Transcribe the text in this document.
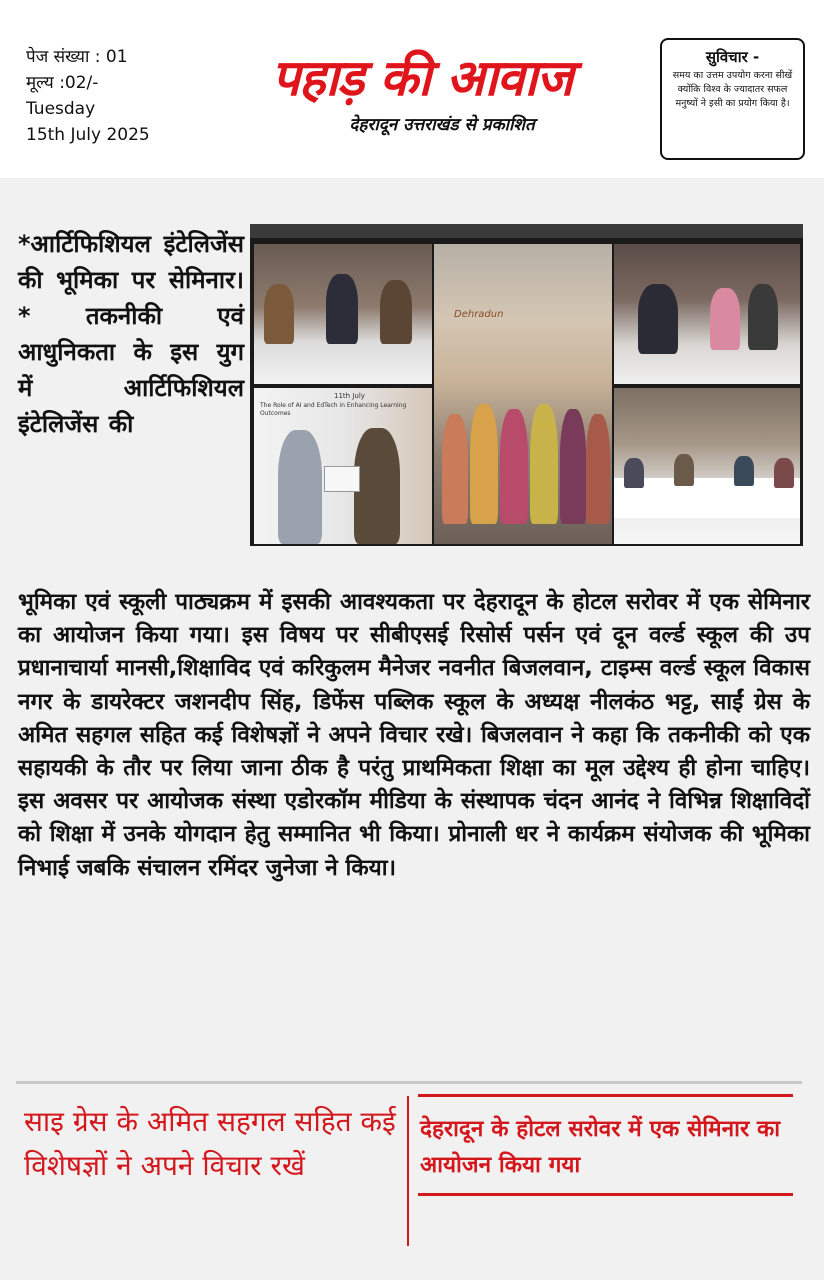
पेज संख्या : 01
मूल्य :02/-
Tuesday
15th July 2025
पहाड़ की आवाज
देहरादून उत्तराखंड से प्रकाशित
सुविचार -
समय का उत्तम उपयोग करना सीखें क्योंकि विश्व के ज्यादातर सफल मनुष्यों ने इसी का प्रयोग किया है।
*आर्टिफिशियल इंटेलिजेंस की भूमिका पर सेमिनार।* तकनीकी एवं आधुनिकता के इस युग में आर्टिफिशियल इंटेलिजेंस की
Dehradun
11th July
The Role of AI and EdTech in Enhancing Learning Outcomes
भूमिका एवं स्कूली पाठ्यक्रम में इसकी आवश्यकता पर देहरादून के होटल सरोवर में एक सेमिनार का आयोजन किया गया। इस विषय पर सीबीएसई रिसोर्स पर्सन एवं दून वर्ल्ड स्कूल की उप प्रधानाचार्या मानसी,शिक्षाविद एवं करिकुलम मैनेजर नवनीत बिजलवान, टाइम्स वर्ल्ड स्कूल विकास नगर के डायरेक्टर जशनदीप सिंह, डिफेंस पब्लिक स्कूल के अध्यक्ष नीलकंठ भट्ट, साईं ग्रेस के अमित सहगल सहित कई विशेषज्ञों ने अपने विचार रखे। बिजलवान ने कहा कि तकनीकी को एक सहायकी के तौर पर लिया जाना ठीक है परंतु प्राथमिकता शिक्षा का मूल उद्देश्य ही होना चाहिए। इस अवसर पर आयोजक संस्था एडोरकॉम मीडिया के संस्थापक चंदन आनंद ने विभिन्न शिक्षाविदों को शिक्षा में उनके योगदान हेतु सम्मानित भी किया। प्रोनाली धर ने कार्यक्रम संयोजक की भूमिका निभाई जबकि संचालन रमिंदर जुनेजा ने किया।
साइ ग्रेस के अमित सहगल सहित कई विशेषज्ञों ने अपने विचार रखें
देहरादून के होटल सरोवर में एक सेमिनार का आयोजन किया गया
